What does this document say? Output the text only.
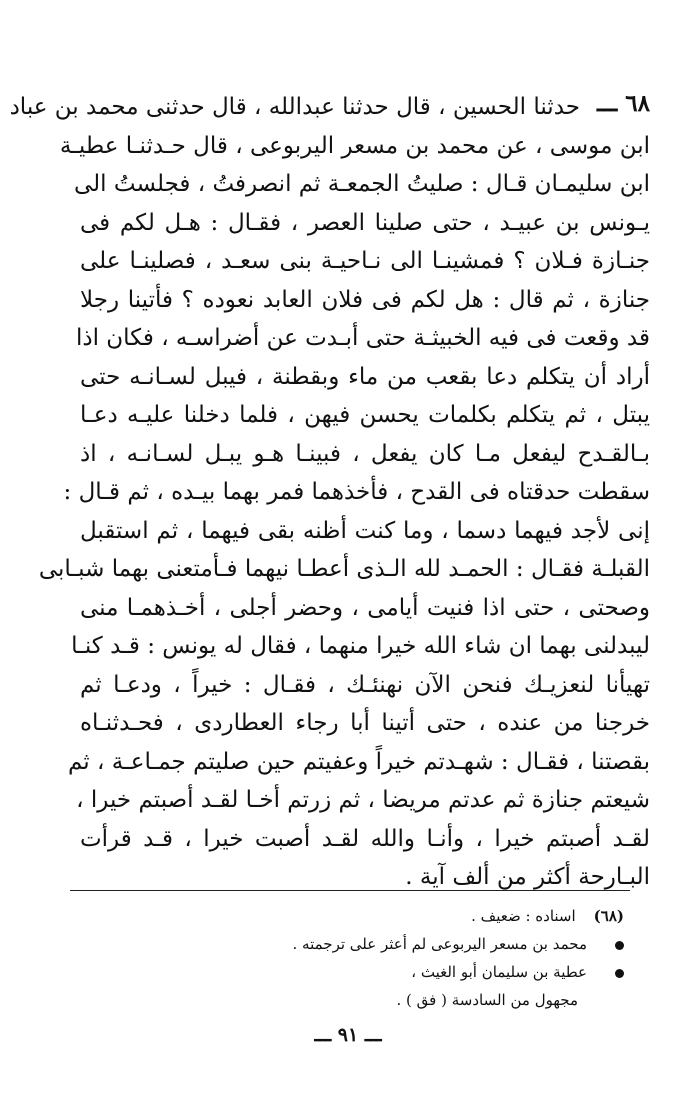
٦٨ ـــ
حدثنا الحسين ، قال حدثنا عبدالله ، قال حدثنى محمد بن عباد
ابن موسى ، عن محمد بن مسعر اليربوعى ، قال حـدثنـا عطيـة
ابن سليمـان قـال : صليتُ الجمعـة ثم انصرفتُ ، فجلستُ الى
يـونس بن عبيـد ، حتى صلينا العصر ، فقـال : هـل لكم فى
جنـازة فـلان ؟ فمشينـا الى نـاحيـة بنى سعـد ، فصلينـا على
جنازة ، ثم قال : هل لكم فى فلان العابد نعوده ؟ فأتينا رجلا
قد وقعت فى فيه الخبيثـة حتى أبـدت عن أضراسـه ، فكان اذا
أراد أن يتكلم دعا بقعب من ماء وبقطنة ، فيبل لسـانـه حتى
يبتل ، ثم يتكلم بكلمات يحسن فيهن ، فلما دخلنا عليـه دعـا
بـالقـدح ليفعل مـا كان يفعل ، فبينـا هـو يبـل لسـانـه ، اذ
سقطت حدقتاه فى القدح ، فأخذهما فمر بهما بيـده ، ثم قـال :
إنى لأجد فيهما دسما ، وما كنت أظنه بقى فيهما ، ثم استقبل
القبلـة فقـال : الحمـد لله الـذى أعطـا نيهما فـأمتعنى بهما شبـابى
وصحتى ، حتى اذا فنيت أيامى ، وحضر أجلى ، أخـذهمـا منى
ليبدلنى بهما ان شاء الله خيرا منهما ، فقال له يونس : قـد كنـا
تهيأنا لنعزيـك فنحن الآن نهنئـك ، فقـال : خيراً ، ودعـا ثم
خرجنا من عنده ، حتى أتينا أبا رجاء العطاردى ، فحـدثنـاه
بقصتنا ، فقـال : شهـدتم خيراً وعفيتم حين صليتم جمـاعـة ، ثم
شيعتم جنازة ثم عدتم مريضا ، ثم زرتم أخـا لقـد أصبتم خيرا ،
لقـد أصبتم خيرا ، وأنـا والله لقـد أصبت خيرا ، قـد قرأت
البـارحة أكثر من ألف آية .
(٦٨)اسناده : ضعيف .
محمد بن مسعر اليربوعى لم أعثر على ترجمته .
عطية بن سليمان أبو الغيث ،
مجهول من السادسة ( فق ) .
ـــ ٩١ ـــ
